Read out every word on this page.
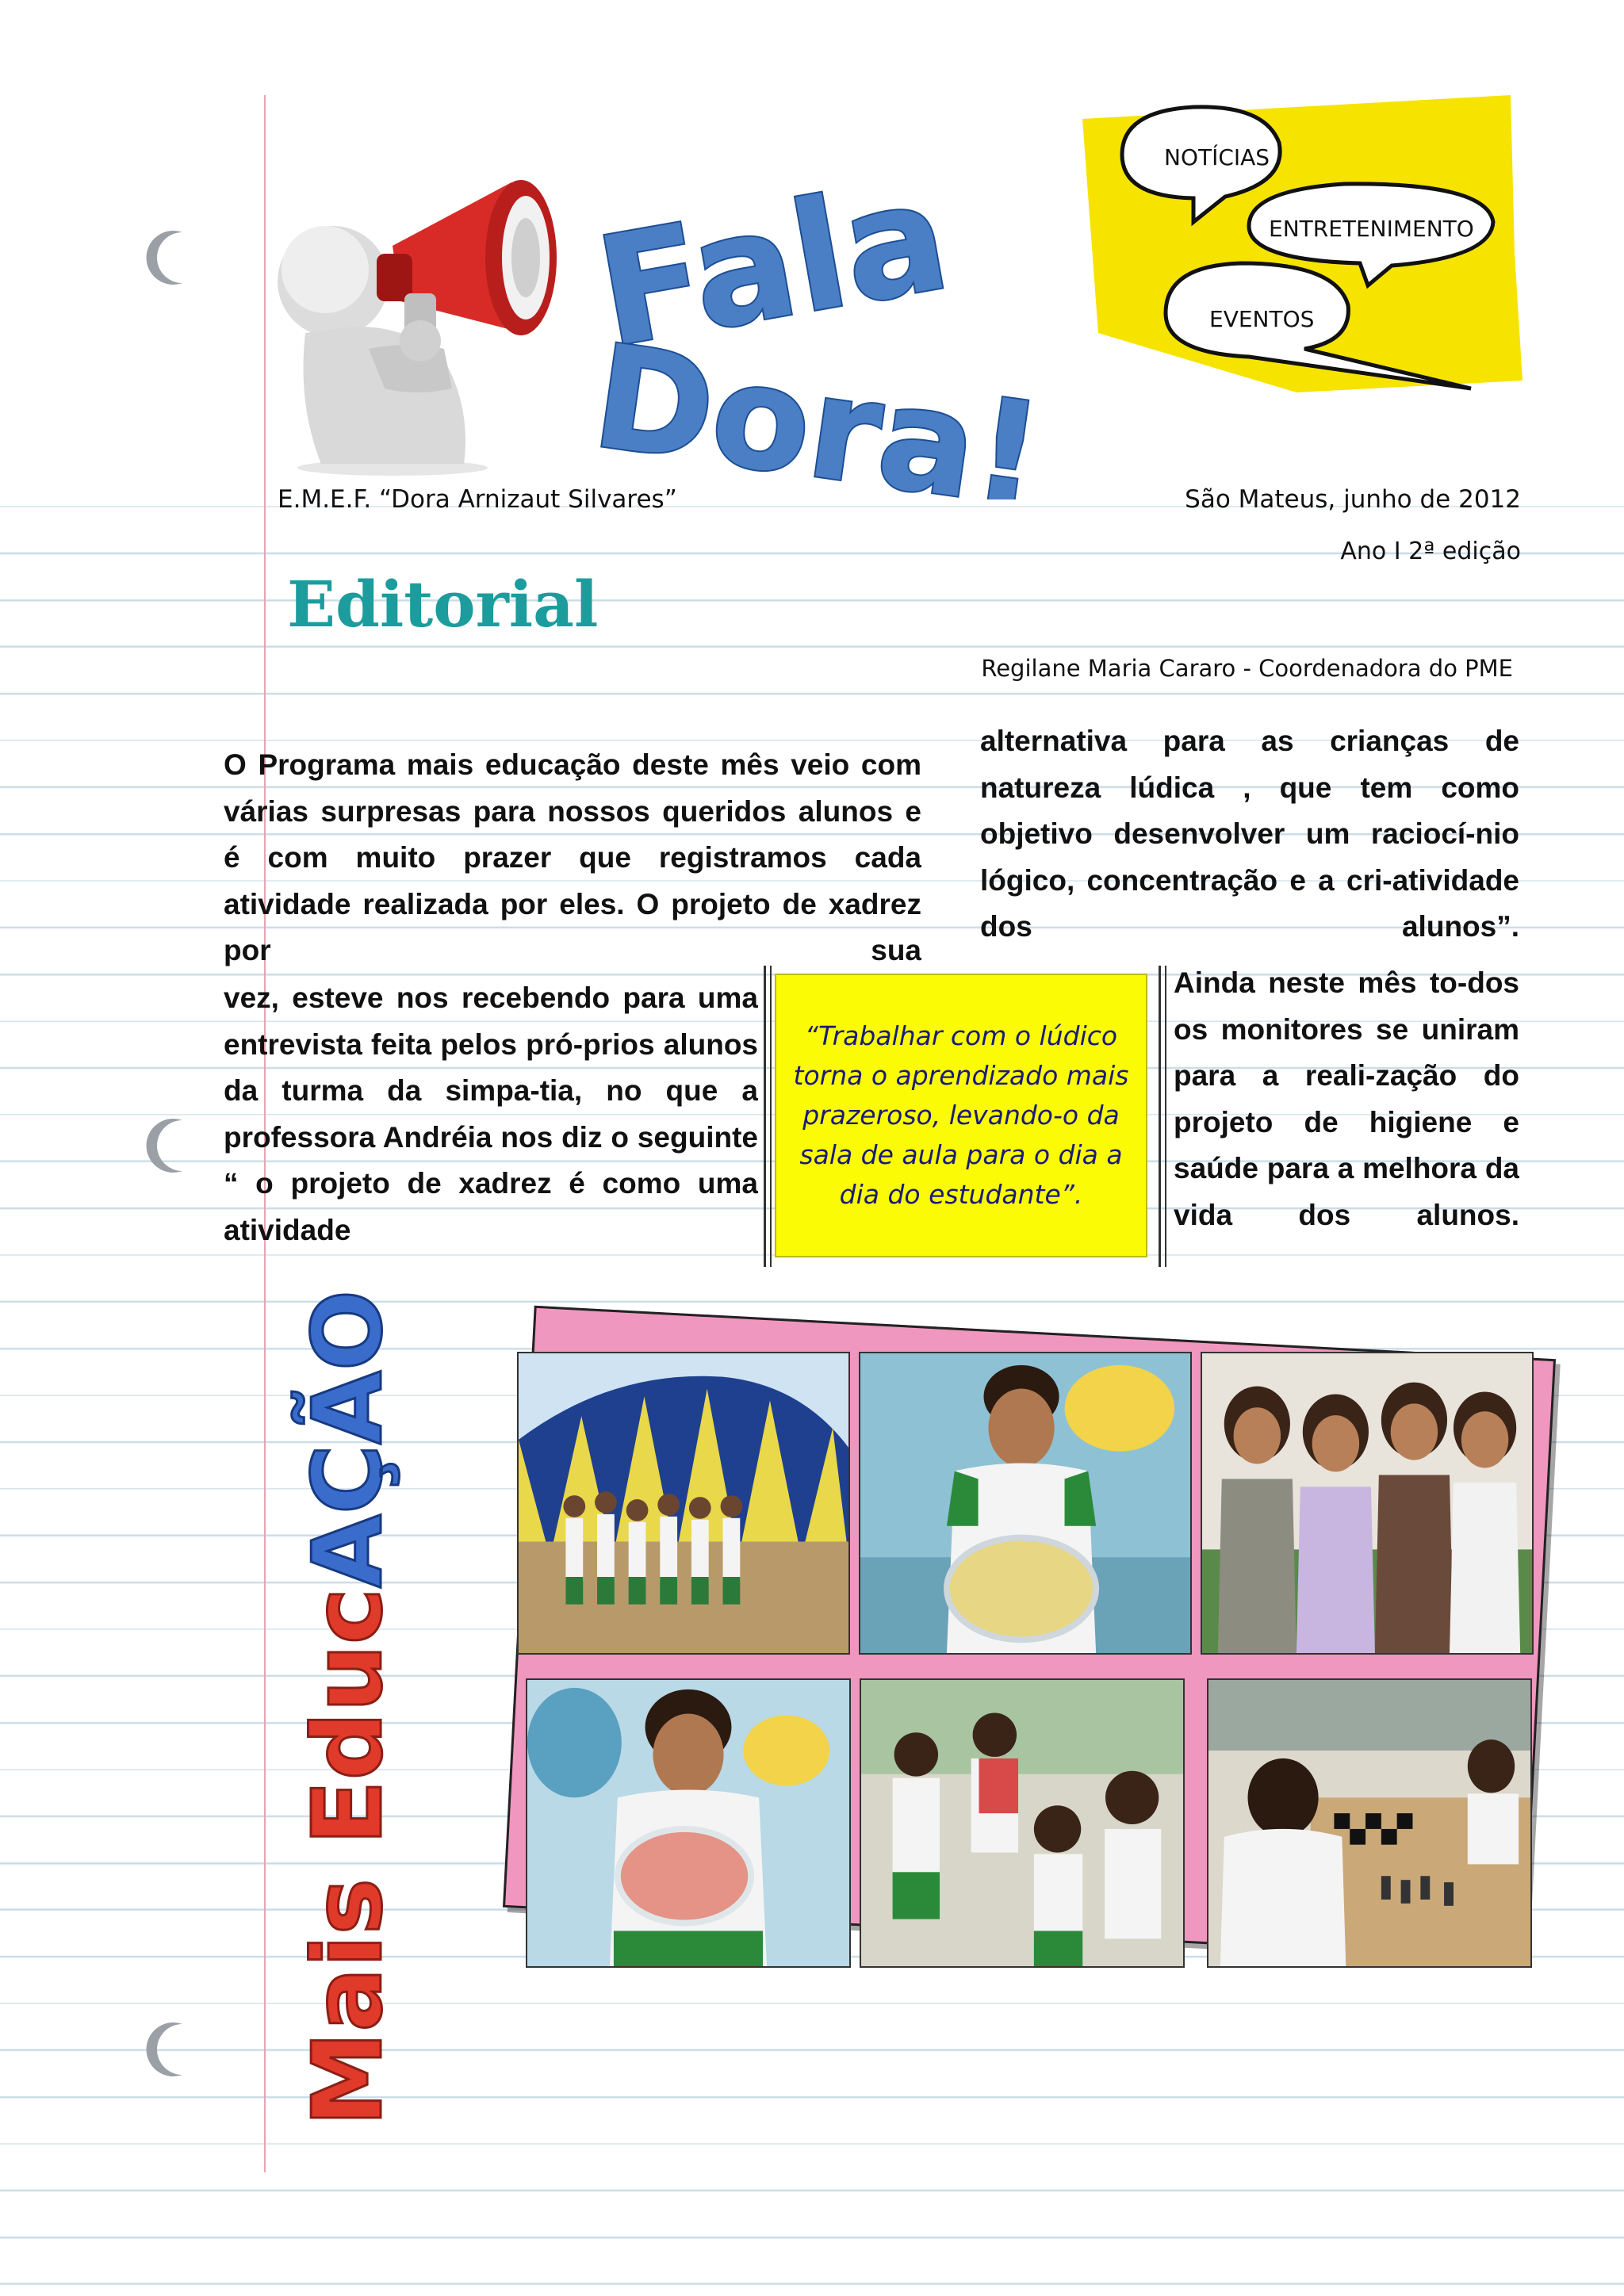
Fala
Dora!
NOTÍCIAS
ENTRETENIMENTO
EVENTOS
E.M.E.F. “Dora Arnizaut Silvares”	São Mateus, junho de 2012
Ano I 2ª edição
Editorial
Regilane Maria Cararo - Coordenadora do PME
O Programa mais educação deste mês veio com várias surpresas para nossos queridos alunos e é com muito prazer que registramos cada atividade realizada por eles. O projeto de xadrez por sua
vez, esteve nos recebendo para uma entrevista feita pelos pró-prios alunos da turma da simpa-tia, no que a professora Andréia nos diz o seguinte “ o projeto de xadrez é como uma atividade
alternativa para as crianças de natureza lúdica , que tem como objetivo desenvolver um raciocí-nio lógico, concentração e a cri-atividade dos alunos”.
Ainda neste mês to-dos os monitores se uniram para a reali-zação do projeto de higiene e saúde para a melhora da vida dos alunos.
“Trabalhar com o lúdico torna o aprendizado mais prazeroso, levando-o da sala de aula para o dia a dia do estudante”.
Mais EducAÇÃO
